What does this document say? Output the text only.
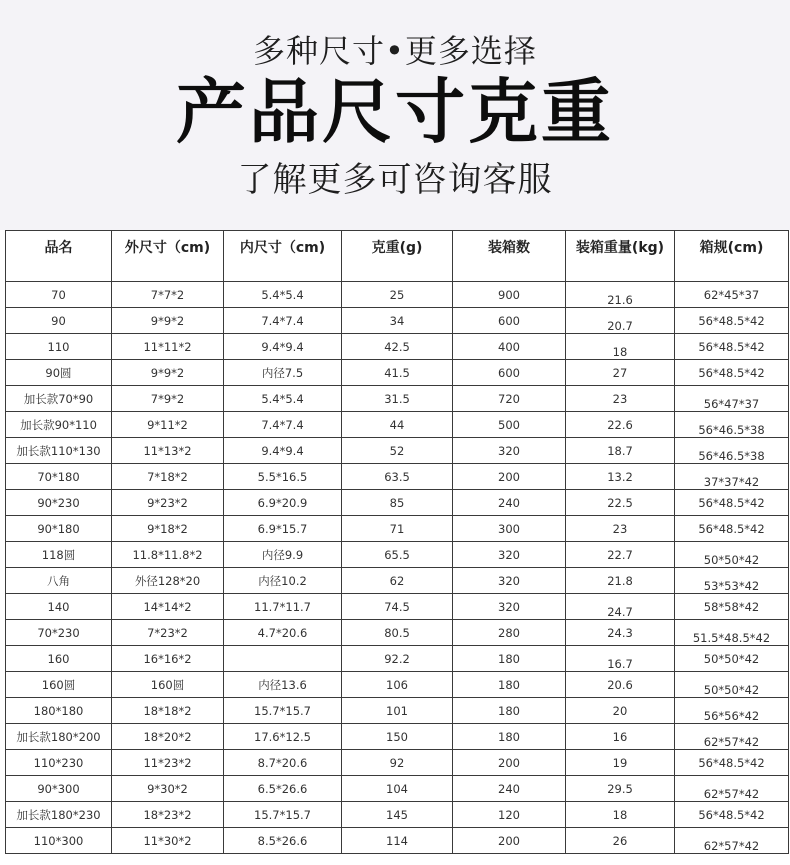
多种尺寸•更多选择
产品尺寸克重
了解更多可咨询客服
品名	外尺寸（cm)	内尺寸（cm)	克重(g)	装箱数	装箱重量(kg)	箱规(cm)
70	7*7*2	5.4*5.4	25	900	21.6	62*45*37
90	9*9*2	7.4*7.4	34	600	20.7	56*48.5*42
110	11*11*2	9.4*9.4	42.5	400	18	56*48.5*42
90圆	9*9*2	内径7.5	41.5	600	27	56*48.5*42
加长款70*90	7*9*2	5.4*5.4	31.5	720	23	56*47*37
加长款90*110	9*11*2	7.4*7.4	44	500	22.6	56*46.5*38
加长款110*130	11*13*2	9.4*9.4	52	320	18.7	56*46.5*38
70*180	7*18*2	5.5*16.5	63.5	200	13.2	37*37*42
90*230	9*23*2	6.9*20.9	85	240	22.5	56*48.5*42
90*180	9*18*2	6.9*15.7	71	300	23	56*48.5*42
118圆	11.8*11.8*2	内径9.9	65.5	320	22.7	50*50*42
八角	外径128*20	内径10.2	62	320	21.8	53*53*42
140	14*14*2	11.7*11.7	74.5	320	24.7	58*58*42
70*230	7*23*2	4.7*20.6	80.5	280	24.3	51.5*48.5*42
160	16*16*2		92.2	180	16.7	50*50*42
160圆	160圆	内径13.6	106	180	20.6	50*50*42
180*180	18*18*2	15.7*15.7	101	180	20	56*56*42
加长款180*200	18*20*2	17.6*12.5	150	180	16	62*57*42
110*230	11*23*2	8.7*20.6	92	200	19	56*48.5*42
90*300	9*30*2	6.5*26.6	104	240	29.5	62*57*42
加长款180*230	18*23*2	15.7*15.7	145	120	18	56*48.5*42
110*300	11*30*2	8.5*26.6	114	200	26	62*57*42
